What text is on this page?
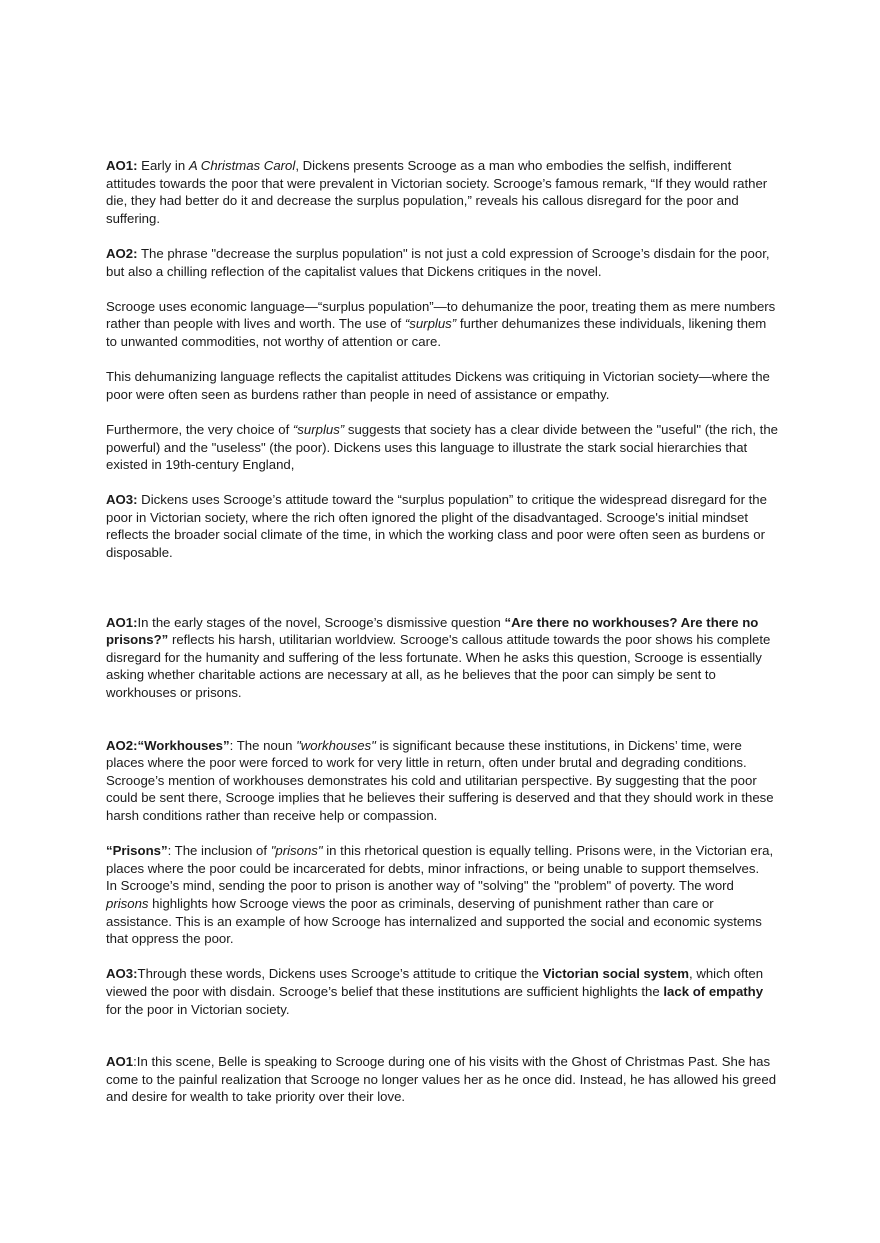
AO1: Early in A Christmas Carol, Dickens presents Scrooge as a man who embodies the selfish, indifferent attitudes towards the poor that were prevalent in Victorian society. Scrooge’s famous remark, “If they would rather die, they had better do it and decrease the surplus population,” reveals his callous disregard for the poor and suffering.

AO2: The phrase "decrease the surplus population" is not just a cold expression of Scrooge’s disdain for the poor, but also a chilling reflection of the capitalist values that Dickens critiques in the novel.

Scrooge uses economic language—“surplus population”—to dehumanize the poor, treating them as mere numbers rather than people with lives and worth. The use of “surplus” further dehumanizes these individuals, likening them to unwanted commodities, not worthy of attention or care.

This dehumanizing language reflects the capitalist attitudes Dickens was critiquing in Victorian society—where the poor were often seen as burdens rather than people in need of assistance or empathy.

Furthermore, the very choice of “surplus” suggests that society has a clear divide between the "useful" (the rich, the powerful) and the "useless" (the poor). Dickens uses this language to illustrate the stark social hierarchies that existed in 19th-century England,

AO3: Dickens uses Scrooge’s attitude toward the “surplus population” to critique the widespread disregard for the poor in Victorian society, where the rich often ignored the plight of the disadvantaged. Scrooge's initial mindset reflects the broader social climate of the time, in which the working class and poor were often seen as burdens or disposable.

AO1:In the early stages of the novel, Scrooge’s dismissive question “Are there no workhouses? Are there no prisons?” reflects his harsh, utilitarian worldview. Scrooge's callous attitude towards the poor shows his complete disregard for the humanity and suffering of the less fortunate. When he asks this question, Scrooge is essentially asking whether charitable actions are necessary at all, as he believes that the poor can simply be sent to workhouses or prisons.

AO2:“Workhouses”: The noun "workhouses" is significant because these institutions, in Dickens’ time, were places where the poor were forced to work for very little in return, often under brutal and degrading conditions. Scrooge’s mention of workhouses demonstrates his cold and utilitarian perspective. By suggesting that the poor could be sent there, Scrooge implies that he believes their suffering is deserved and that they should work in these harsh conditions rather than receive help or compassion.

“Prisons”: The inclusion of "prisons" in this rhetorical question is equally telling. Prisons were, in the Victorian era, places where the poor could be incarcerated for debts, minor infractions, or being unable to support themselves.

In Scrooge’s mind, sending the poor to prison is another way of "solving" the "problem" of poverty. The word prisons highlights how Scrooge views the poor as criminals, deserving of punishment rather than care or assistance. This is an example of how Scrooge has internalized and supported the social and economic systems that oppress the poor.

AO3:Through these words, Dickens uses Scrooge’s attitude to critique the Victorian social system, which often viewed the poor with disdain. Scrooge’s belief that these institutions are sufficient highlights the lack of empathy for the poor in Victorian society.

AO1:In this scene, Belle is speaking to Scrooge during one of his visits with the Ghost of Christmas Past. She has come to the painful realization that Scrooge no longer values her as he once did. Instead, he has allowed his greed and desire for wealth to take priority over their love.
